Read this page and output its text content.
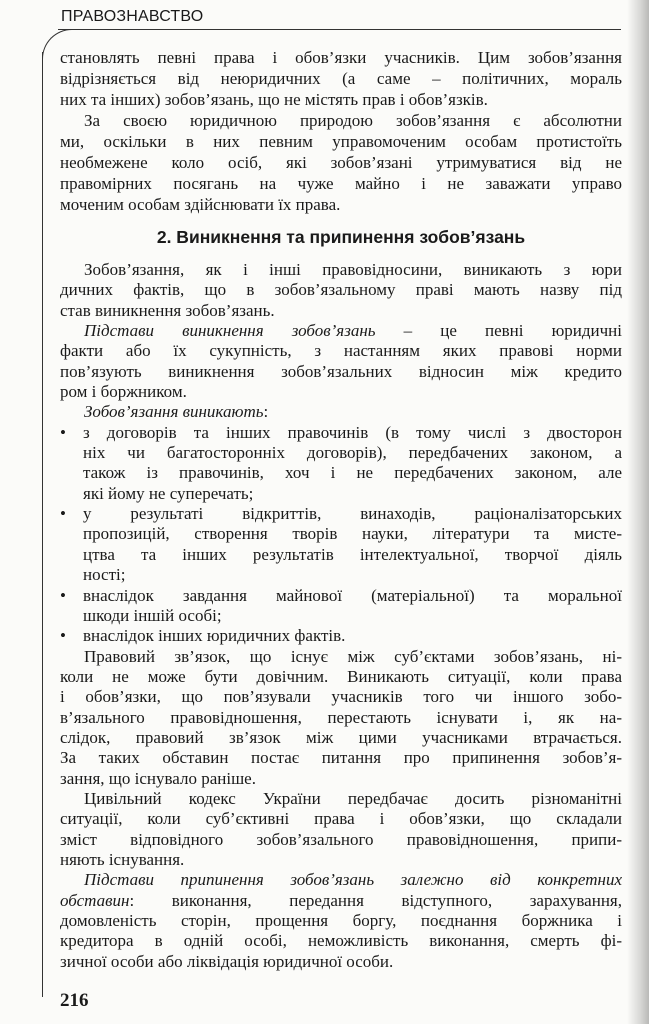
ПРАВОЗНАВСТВО
становлять певні права і обов’язки учасників. Цим зобов’язання
відрізняється від неюридичних (а саме – політичних, мораль
них та інших) зобов’язань, що не містять прав і обов’язків.
За своєю юридичною природою зобов’язання є абсолютни
ми, оскільки в них певним управомоченим особам протистоїть
необмежене коло осіб, які зобов’язані утримуватися від не
правомірних посягань на чуже майно і не заважати упрaво
моченим особам здійснювати їх права.
2. Виникнення та припинення зобов’язань
Зобов’язання, як і інші правовідносини, виникають з юри
дичних фактів, що в зобов’язальному праві мають назву під
став виникнення зобов’язань.
Підстави виникнення зобов’язань – це певні юридичні
факти або їх сукупність, з настанням яких правові норми
пов’язують виникнення зобов’язальних відносин між кредито
ром і боржником.
Зобов’язання виникають:
• з договорів та інших правочинів (в тому числі з двосторон
ніх чи багатосторонніх договорів), передбачених законом, а
також із правочинів, хоч і не передбачених законом, але
які йому не суперечать;
• у результаті відкриттів, винаходів, раціоналізаторських
пропозицій, створення творів науки, літератури та мисте-
цтва та інших результатів інтелектуальної, творчої діяль
ності;
• внаслідок завдання майнової (матеріальної) та моральної
шкоди іншій особі;
• внаслідок інших юридичних фактів.
Правовий зв’язок, що існує між суб’єктами зобов’язань, ні-
коли не може бути довічним. Виникають ситуації, коли права
і обов’язки, що пов’язували учасників того чи іншого зобо-
в’язального правовідношення, перестають існувати і, як на-
слідок, правовий зв’язок між цими учасниками втрачається.
За таких обставин постає питання про припинення зобов’я-
зання, що існувало раніше.
Цивільний кодекс України передбачає досить різноманітні
ситуації, коли суб’єктивні права і обов’язки, що складали
зміст відповідного зобов’язального правовідношення, припи-
няють існування.
Підстави припинення зобов’язань залежно від конкретних
обставин: виконання, передання відступного, зарахування,
домовленість сторін, прощення боргу, поєднання боржника і
кредитора в одній особі, неможливість виконання, смерть фі-
зичної особи або ліквідація юридичної особи.
216
